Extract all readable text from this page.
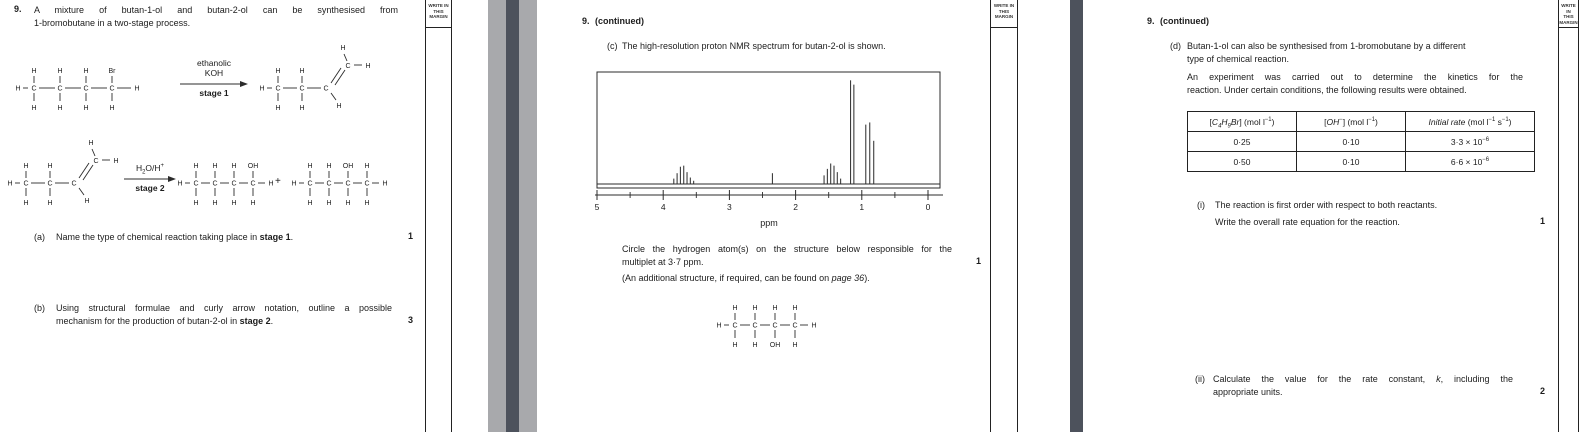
9. A mixture of butan-1-ol and butan-2-ol can be synthesised from
1-bromobutane in a two-stage process.
H C
H
H
C
H
H
C
H
H
C
Br
H
H
ethanolic
KOH
stage 1	H C
H
H
C
H
H
C
C H
H
H
H C
H
H
C
H
H
C
C H
H
H
$H_2O/H^+$
stage 2	H C
H
H
C
H
H
C
H
H
C
OH
H
H + H C
H
H
C
H
H
C
OH
H
C
H
H
H
(a) Name the type of chemical reaction taking place in stage 1.	1
(b) Using structural formulae and curly arrow notation, outline a possible
mechanism for the production of butan-2-ol in stage 2.	3
WRITE IN
THIS
MARGIN	9. (continued)
(c) The high-resolution proton NMR spectrum for butan-2-ol is shown.
5	4	3	2	1	0
ppm
Circle the hydrogen atom(s) on the structure below responsible for the
multiplet at 3·7 ppm.	1
(An additional structure, if required, can be found on page 36).
H C
H
H
C
H
H
C
H
OH
C
H
H
H
WRITE IN
THIS
MARGIN	9. (continued)
(d) Butan-1-ol can also be synthesised from 1-bromobutane by a different
type of chemical reaction.
An experiment was carried out to determine the kinetics for the
reaction. Under certain conditions, the following results were obtained.
$[C_4H_9Br]$ (mol $l^{-1}$)	[OH−] (mol $l^{-1}$)	Initial rate (mol $l^{-1}$ $s^{-1}$)
0·25	0·10	$3\cdot 3 \times 10^{-6}$
0·50	0·10	$6\cdot 6 \times 10^{-6}$
(i) The reaction is first order with respect to both reactants.
Write the overall rate equation for the reaction.	1
(ii) Calculate the value for the rate constant, k, including the
appropriate units.	2
WRITE IN
THIS
MARGIN
